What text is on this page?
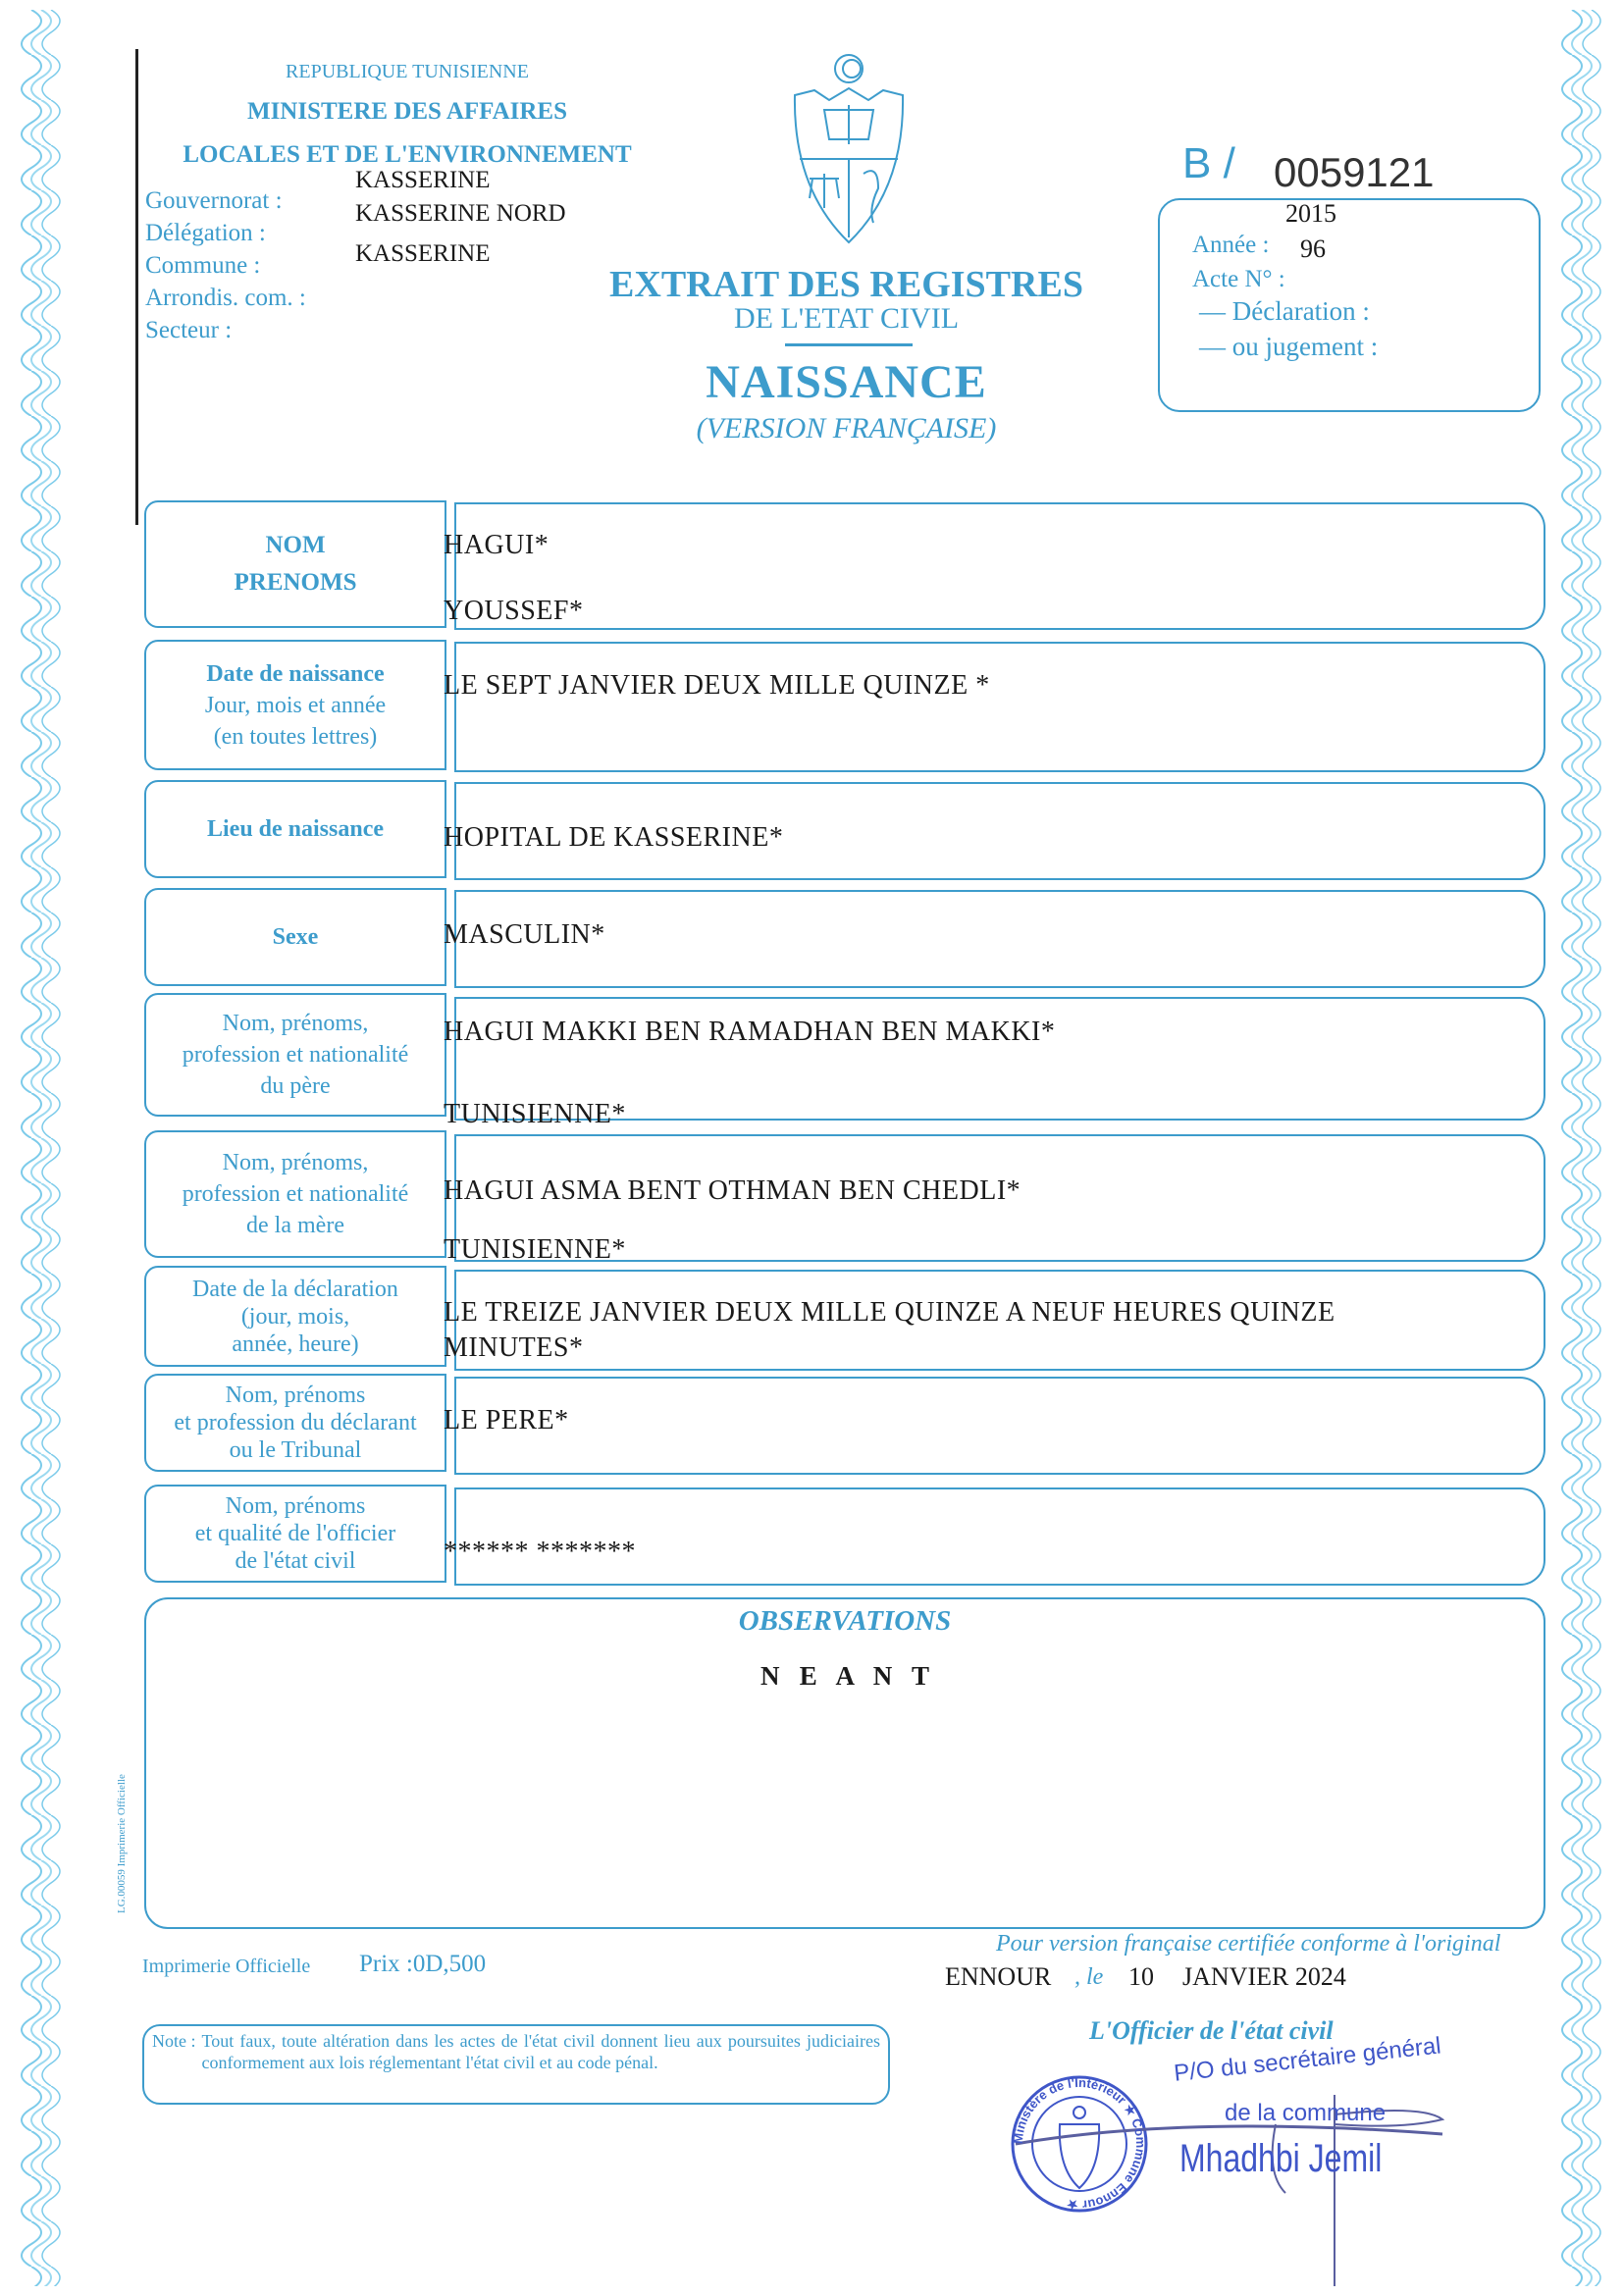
REPUBLIQUE TUNISIENNE
MINISTERE DES AFFAIRES
LOCALES ET DE L'ENVIRONNEMENT
Gouvernorat :
Délégation :
Commune :
Arrondis. com. :
Secteur :
KASSERINE
KASSERINE NORD
KASSERINE
EXTRAIT DES REGISTRES
DE L'ETAT CIVIL
NAISSANCE
(VERSION FRANÇAISE)
B / 0059121
2015
Année : 96
Acte N° :
— Déclaration :
— ou jugement :
NOM
PRENOMS
HAGUI*
YOUSSEF*
Date de naissance
Jour, mois et année
(en toutes lettres)
LE SEPT JANVIER DEUX MILLE QUINZE *
Lieu de naissance HOPITAL DE KASSERINE*
Sexe	MASCULIN*
Nom, prénoms,
profession et nationalité
du père
HAGUI MAKKI BEN RAMADHAN BEN MAKKI*
TUNISIENNE*
Nom, prénoms,
profession et nationalité
de la mère
HAGUI ASMA BENT OTHMAN BEN CHEDLI*
TUNISIENNE*
Date de la déclaration
(jour, mois,
année, heure)
LE TREIZE JANVIER DEUX MILLE QUINZE A NEUF HEURES QUINZE
MINUTES*
Nom, prénoms
et profession du déclarant
ou le Tribunal
LE PERE*
Nom, prénoms
et qualité de l'officier
de l'état civil	****** *******
OBSERVATIONS
N   E   A   N   T
LG.00059 Imprimerie Officielle
Imprimerie Officielle Prix :0D,500
Pour version française certifiée conforme à l'original
ENNOUR , le 10 JANVIER 2024
L'Officier de l'état civil
Note : Tout faux, toute altération dans les actes de l'état civil donnent lieu aux poursuites judiciaires conformement aux lois réglementant l'état civil et au code pénal.
Ministère de l'Intérieur ★ Commune Ennour ★
P/O du secrétaire général
de la commune
Mhadhbi Jemil
